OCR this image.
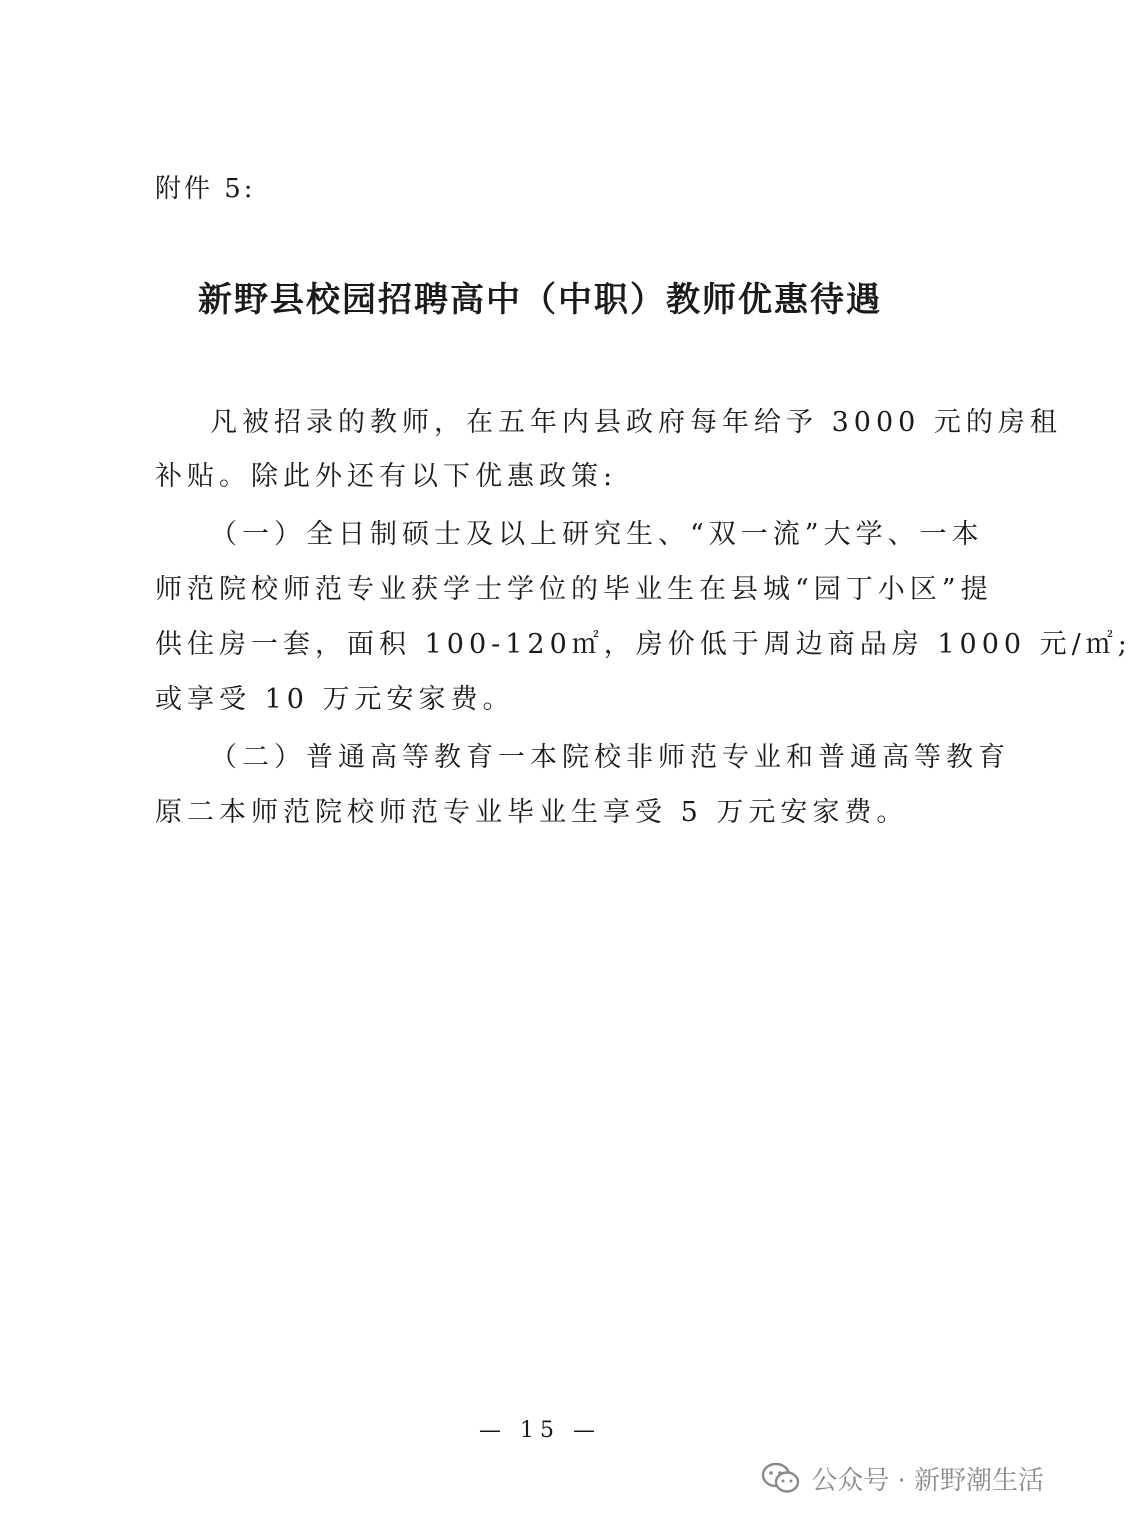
附件 5:
新野县校园招聘高中（中职）教师优惠待遇
凡被招录的教师，在五年内县政府每年给予 3000 元的房租
补贴。除此外还有以下优惠政策:
（一）全日制硕士及以上研究生、“双一流”大学、一本
师范院校师范专业获学士学位的毕业生在县城“园丁小区”提
供住房一套，面积 100-120㎡，房价低于周边商品房 1000 元/㎡;
或享受 10 万元安家费。
（二）普通高等教育一本院校非师范专业和普通高等教育
原二本师范院校师范专业毕业生享受 5 万元安家费。
— 15 —
公众号 · 新野潮生活
